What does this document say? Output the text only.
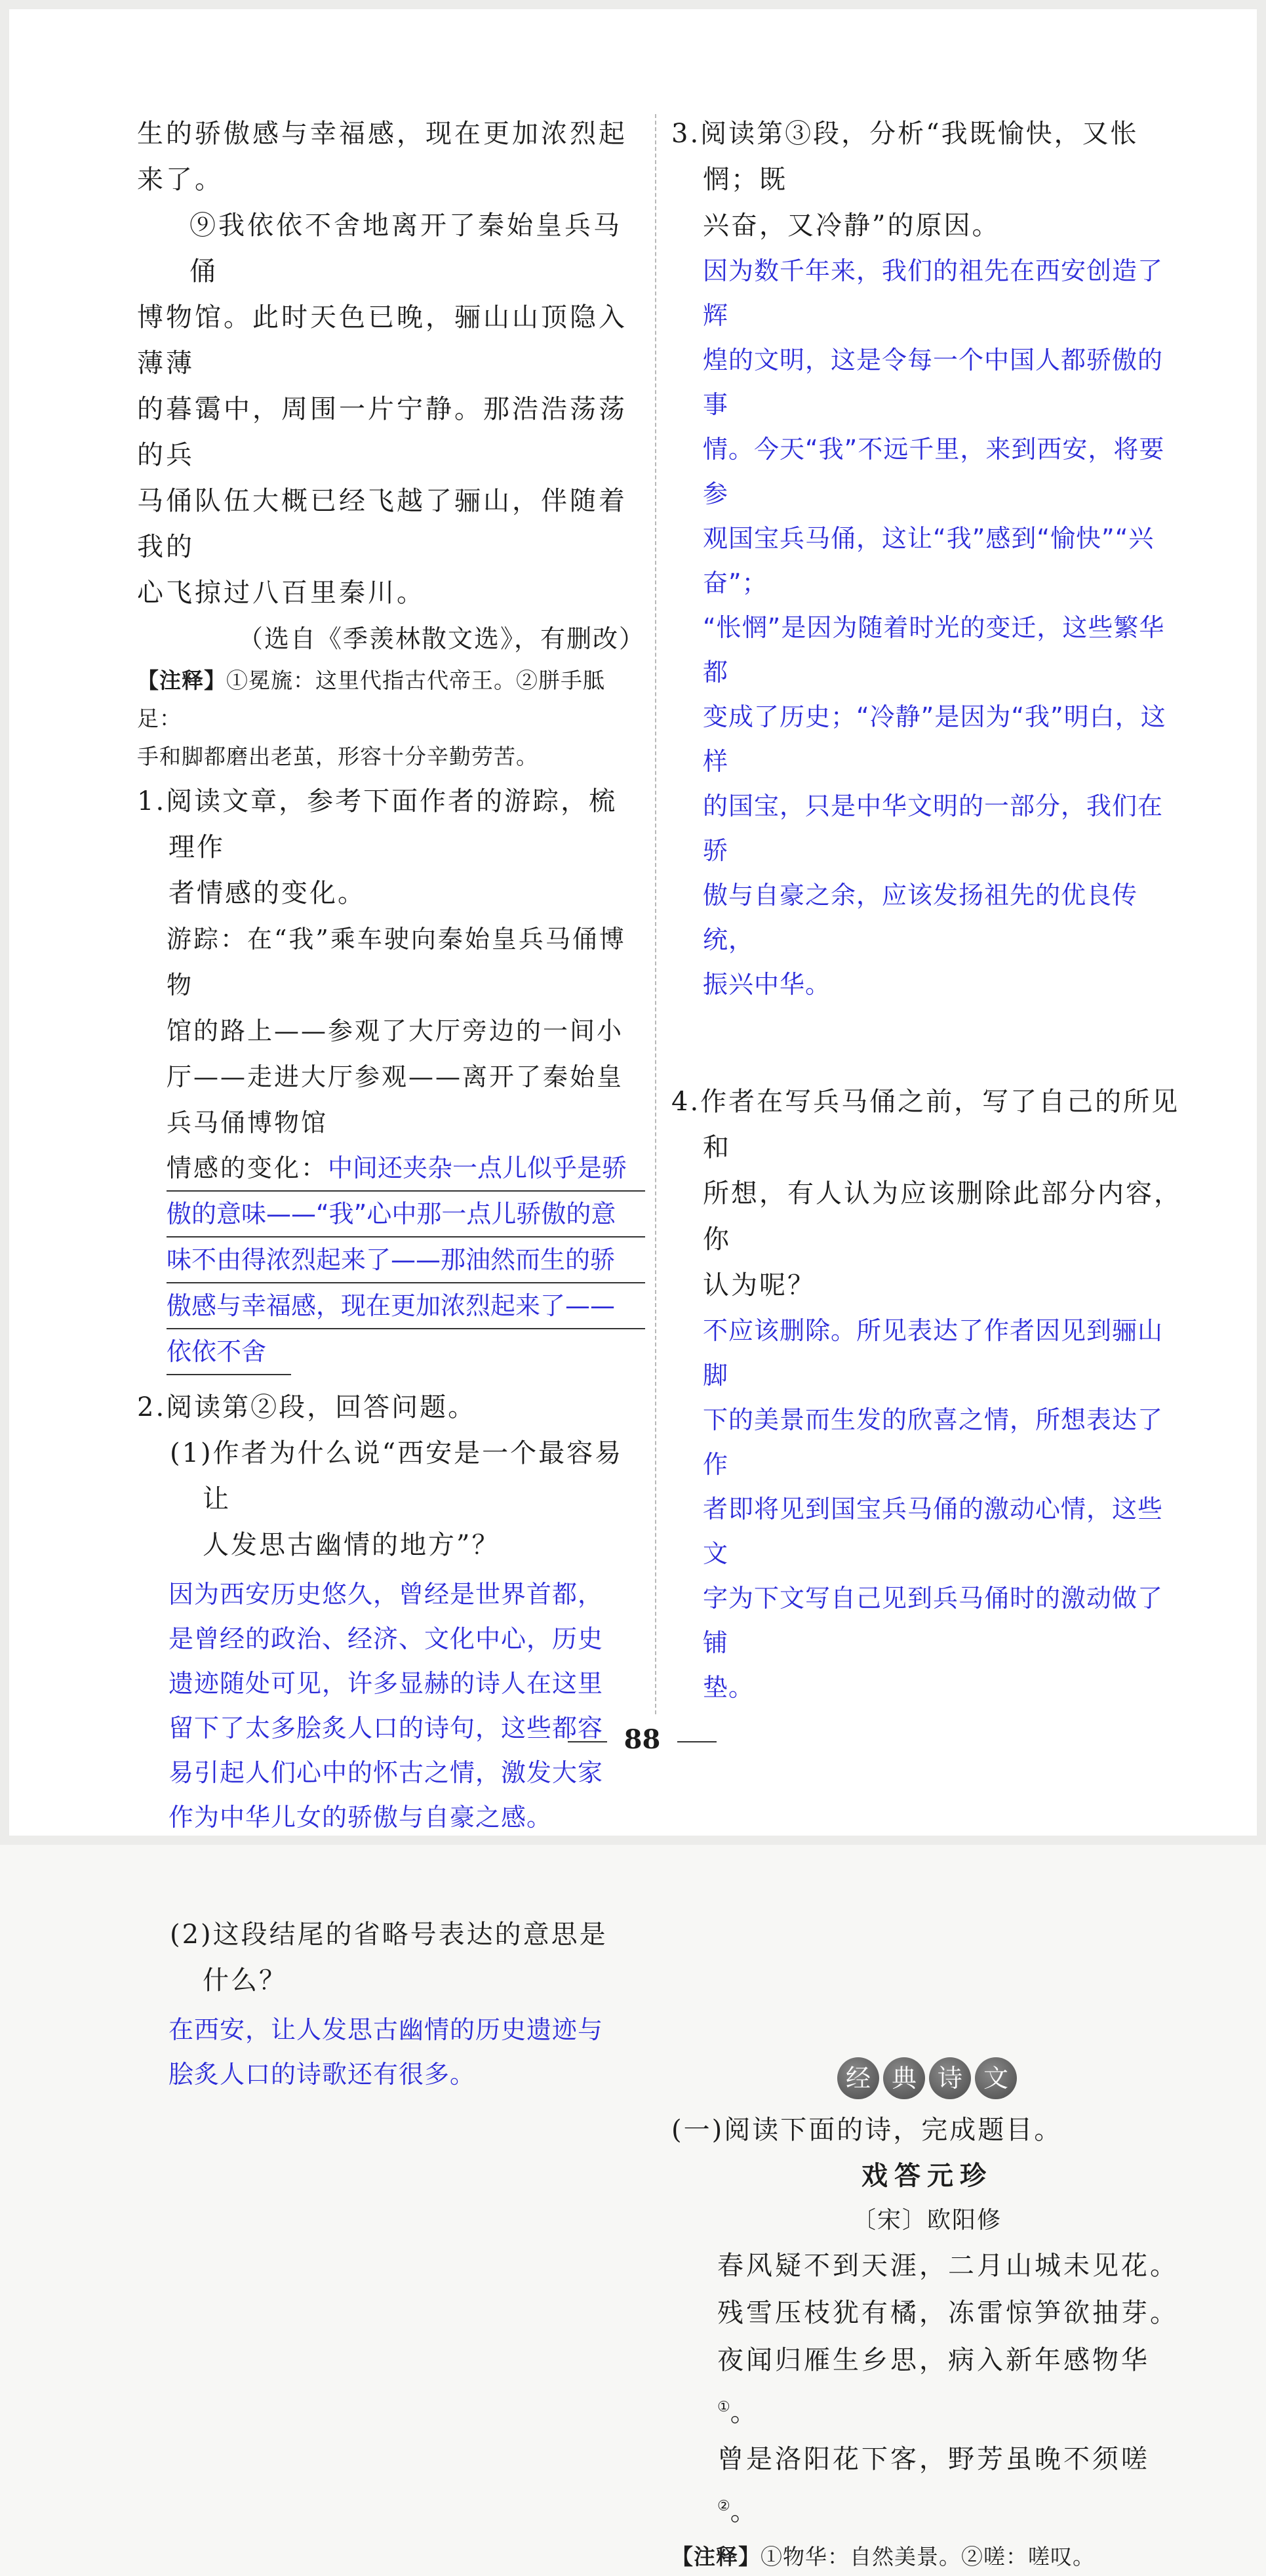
生的骄傲感与幸福感，现在更加浓烈起

来了。

⑨我依依不舍地离开了秦始皇兵马俑

博物馆。此时天色已晚，骊山山顶隐入薄薄

的暮霭中，周围一片宁静。那浩浩荡荡的兵

马俑队伍大概已经飞越了骊山，伴随着我的

心飞掠过八百里秦川。

（选自《季羡林散文选》，有删改）

【注释】①冕旒：这里代指古代帝王。②胼手胝足：

手和脚都磨出老茧，形容十分辛勤劳苦。

1.阅读文章，参考下面作者的游踪，梳理作

者情感的变化。

游踪：在“我”乘车驶向秦始皇兵马俑博物

馆的路上——参观了大厅旁边的一间小

厅——走进大厅参观——离开了秦始皇

兵马俑博物馆

情感的变化：中间还夹杂一点儿似乎是骄
傲的意味——“我”心中那一点儿骄傲的意
味不由得浓烈起来了——那油然而生的骄
傲感与幸福感，现在更加浓烈起来了——
依依不舍

2.阅读第②段，回答问题。

(1)作者为什么说“西安是一个最容易让

人发思古幽情的地方”？

因为西安历史悠久，曾经是世界首都，

是曾经的政治、经济、文化中心，历史

遗迹随处可见，许多显赫的诗人在这里

留下了太多脍炙人口的诗句，这些都容

易引起人们心中的怀古之情，激发大家

作为中华儿女的骄傲与自豪之感。

(2)这段结尾的省略号表达的意思是

什么？

在西安，让人发思古幽情的历史遗迹与

脍炙人口的诗歌还有很多。

3.阅读第③段，分析“我既愉快，又怅惘；既

兴奋，又冷静”的原因。

因为数千年来，我们的祖先在西安创造了辉

煌的文明，这是令每一个中国人都骄傲的事

情。今天“我”不远千里，来到西安，将要参

观国宝兵马俑，这让“我”感到“愉快”“兴奋”；

“怅惘”是因为随着时光的变迁，这些繁华都

变成了历史；“冷静”是因为“我”明白，这样

的国宝，只是中华文明的一部分，我们在骄

傲与自豪之余，应该发扬祖先的优良传统，

振兴中华。

4.作者在写兵马俑之前，写了自己的所见和

所想，有人认为应该删除此部分内容，你

认为呢？

不应该删除。所见表达了作者因见到骊山脚

下的美景而生发的欣喜之情，所想表达了作

者即将见到国宝兵马俑的激动心情，这些文

字为下文写自己见到兵马俑时的激动做了铺

垫。

经 典 诗 文

(一)阅读下面的诗，完成题目。

戏答元珍

〔宋〕欧阳修

春风疑不到天涯，二月山城未见花。

残雪压枝犹有橘，冻雷惊笋欲抽芽。

夜闻归雁生乡思，病入新年感物华①。

曾是洛阳花下客，野芳虽晚不须嗟②。

【注释】①物华：自然美景。②嗟：嗟叹。

88
